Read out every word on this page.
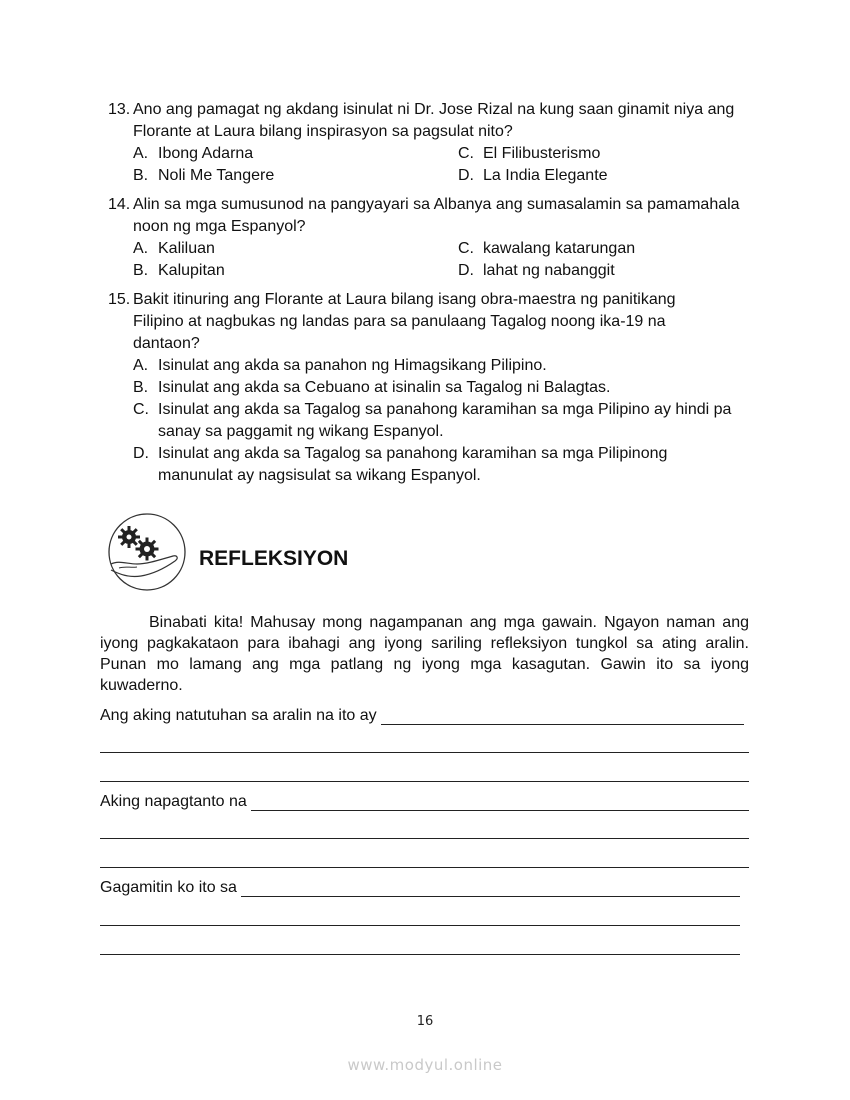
13. Ano ang pamagat ng akdang isinulat ni Dr. Jose Rizal na kung saan ginamit niya ang Florante at Laura bilang inspirasyon sa pagsulat nito?
A. Ibong Adarna	C. El Filibusterismo
B. Noli Me Tangere	D. La India Elegante
14. Alin sa mga sumusunod na pangyayari sa Albanya ang sumasalamin sa pamamahala noon ng mga Espanyol?
A. Kaliluan	C. kawalang katarungan
B. Kalupitan	D. lahat ng nabanggit
15. Bakit itinuring ang Florante at Laura bilang isang obra-maestra ng panitikang Filipino at nagbukas ng landas para sa panulaang Tagalog noong ika-19 na dantaon?
A. Isinulat ang akda sa panahon ng Himagsikang Pilipino.
B. Isinulat ang akda sa Cebuano at isinalin sa Tagalog ni Balagtas.
C. Isinulat ang akda sa Tagalog sa panahong karamihan sa mga Pilipino ay hindi pa sanay sa paggamit ng wikang Espanyol.
D. Isinulat ang akda sa Tagalog sa panahong karamihan sa mga Pilipinong manunulat ay nagsisulat sa wikang Espanyol.
REFLEKSIYON
Binabati kita! Mahusay mong nagampanan ang mga gawain. Ngayon naman ang iyong pagkakataon para ibahagi ang iyong sariling refleksiyon tungkol sa ating aralin. Punan mo lamang ang mga patlang ng iyong mga kasagutan. Gawin ito sa iyong kuwaderno.
Ang aking natutuhan sa aralin na ito ay
Aking napagtanto na
Gagamitin ko ito sa
16
www.modyul.online
